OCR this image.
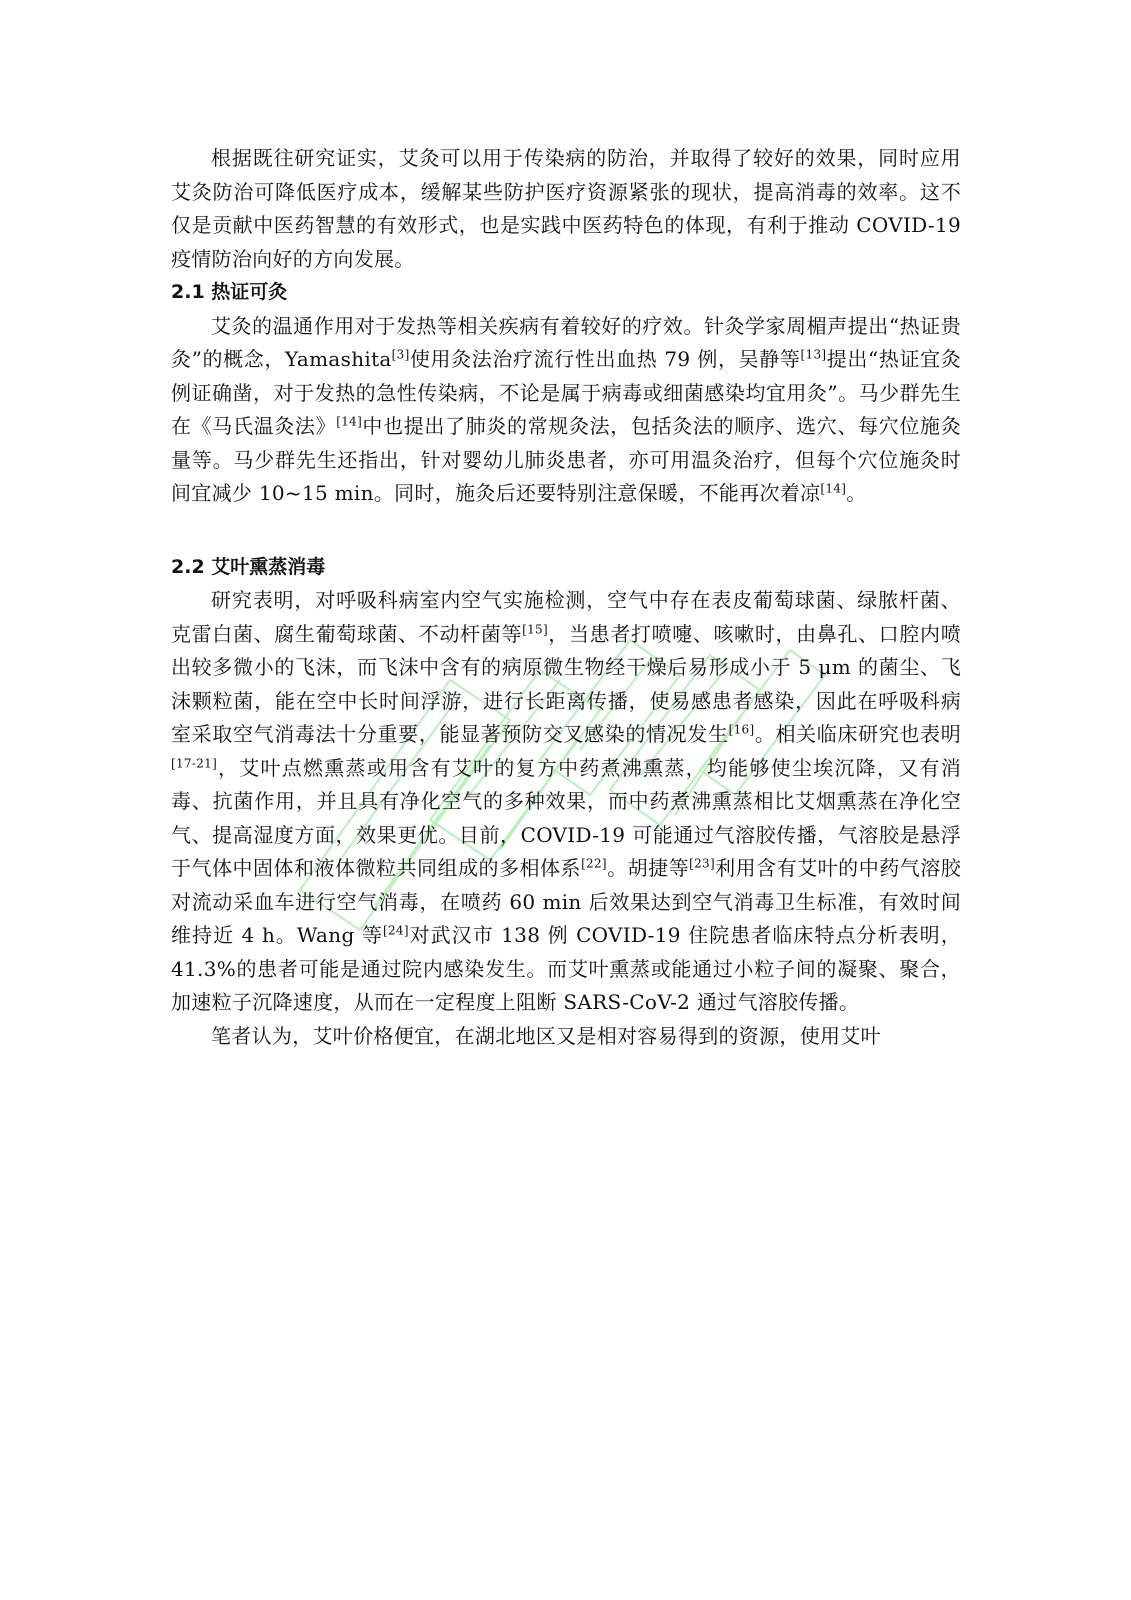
根据既往研究证实，艾灸可以用于传染病的防治，并取得了较好的效果，同时应用艾灸防治可降低医疗成本，缓解某些防护医疗资源紧张的现状，提高消毒的效率。这不仅是贡献中医药智慧的有效形式，也是实践中医药特色的体现，有利于推动 COVID-19 疫情防治向好的方向发展。

2.1 热证可灸

艾灸的温通作用对于发热等相关疾病有着较好的疗效。针灸学家周楣声提出“热证贵灸”的概念，Yamashita[3]使用灸法治疗流行性出血热 79 例，吴静等[13]提出“热证宜灸例证确凿，对于发热的急性传染病，不论是属于病毒或细菌感染均宜用灸”。马少群先生在《马氏温灸法》[14]中也提出了肺炎的常规灸法，包括灸法的顺序、选穴、每穴位施灸量等。马少群先生还指出，针对婴幼儿肺炎患者，亦可用温灸治疗，但每个穴位施灸时间宜减少 10~15 min。同时，施灸后还要特别注意保暖，不能再次着凉[14]。

2.2 艾叶熏蒸消毒

研究表明，对呼吸科病室内空气实施检测，空气中存在表皮葡萄球菌、绿脓杆菌、克雷白菌、腐生葡萄球菌、不动杆菌等[15]，当患者打喷嚏、咳嗽时，由鼻孔、口腔内喷出较多微小的飞沫，而飞沫中含有的病原微生物经干燥后易形成小于 5 μm 的菌尘、飞沫颗粒菌，能在空中长时间浮游，进行长距离传播，使易感患者感染，因此在呼吸科病室采取空气消毒法十分重要，能显著预防交叉感染的情况发生[16]。相关临床研究也表明[17-21]，艾叶点燃熏蒸或用含有艾叶的复方中药煮沸熏蒸，均能够使尘埃沉降，又有消毒、抗菌作用，并且具有净化空气的多种效果，而中药煮沸熏蒸相比艾烟熏蒸在净化空气、提高湿度方面，效果更优。目前，COVID-19 可能通过气溶胶传播，气溶胶是悬浮于气体中固体和液体微粒共同组成的多相体系[22]。胡捷等[23]利用含有艾叶的中药气溶胶对流动采血车进行空气消毒，在喷药 60 min 后效果达到空气消毒卫生标准，有效时间维持近 4 h。Wang 等[24]对武汉市 138 例 COVID-19 住院患者临床特点分析表明，41.3%的患者可能是通过院内感染发生。而艾叶熏蒸或能通过小粒子间的凝聚、聚合，加速粒子沉降速度，从而在一定程度上阻断 SARS-CoV-2 通过气溶胶传播。

笔者认为，艾叶价格便宜，在湖北地区又是相对容易得到的资源，使用艾叶
